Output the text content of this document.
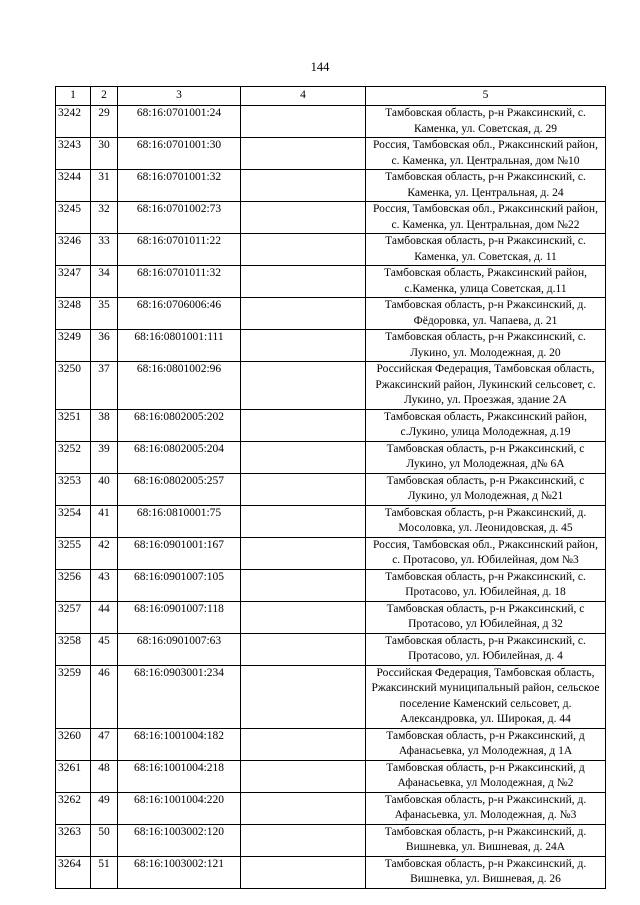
144
1	2	3	4	5
3242	29	68:16:0701001:24		Тамбовская область, р-н Ржаксинский, с. Каменка, ул. Советская, д. 29
3243	30	68:16:0701001:30		Россия, Тамбовская обл., Ржаксинский район, с. Каменка, ул. Центральная, дом №10
3244	31	68:16:0701001:32		Тамбовская область, р-н Ржаксинский, с. Каменка, ул. Центральная, д. 24
3245	32	68:16:0701002:73		Россия, Тамбовская обл., Ржаксинский район, с. Каменка, ул. Центральная, дом №22
3246	33	68:16:0701011:22		Тамбовская область, р-н Ржаксинский, с. Каменка, ул. Советская, д. 11
3247	34	68:16:0701011:32		Тамбовская область, Ржаксинский район, с.Каменка, улица Советская, д.11
3248	35	68:16:0706006:46		Тамбовская область, р-н Ржаксинский, д. Фёдоровка, ул. Чапаева, д. 21
3249	36	68:16:0801001:111		Тамбовская область, р-н Ржаксинский, с. Лукино, ул. Молодежная, д. 20
3250	37	68:16:0801002:96		Российская Федерация, Тамбовская область, Ржаксинский район, Лукинский сельсовет, с. Лукино, ул. Проезжая, здание 2А
3251	38	68:16:0802005:202		Тамбовская область, Ржаксинский район, с.Лукино, улица Молодежная, д.19
3252	39	68:16:0802005:204		Тамбовская область, р-н Ржаксинский, с Лукино, ул Молодежная, д№ 6А
3253	40	68:16:0802005:257		Тамбовская область, р-н Ржаксинский, с Лукино, ул Молодежная, д №21
3254	41	68:16:0810001:75		Тамбовская область, р-н Ржаксинский, д. Мосоловка, ул. Леонидовская, д. 45
3255	42	68:16:0901001:167		Россия, Тамбовская обл., Ржаксинский район, с. Протасово, ул. Юбилейная, дом №3
3256	43	68:16:0901007:105		Тамбовская область, р-н Ржаксинский, с. Протасово, ул. Юбилейная, д. 18
3257	44	68:16:0901007:118		Тамбовская область, р-н Ржаксинский, с Протасово, ул Юбилейная, д 32
3258	45	68:16:0901007:63		Тамбовская область, р-н Ржаксинский, с. Протасово, ул. Юбилейная, д. 4
3259	46	68:16:0903001:234		Российская Федерация, Тамбовская область, Ржаксинский муниципальный район, сельское поселение Каменский сельсовет, д. Александровка, ул. Широкая, д. 44
3260	47	68:16:1001004:182		Тамбовская область, р-н Ржаксинский, д Афанасьевка, ул Молодежная, д 1А
3261	48	68:16:1001004:218		Тамбовская область, р-н Ржаксинский, д Афанасьевка, ул Молодежная, д №2
3262	49	68:16:1001004:220		Тамбовская область, р-н Ржаксинский, д. Афанасьевка, ул. Молодежная, д. №3
3263	50	68:16:1003002:120		Тамбовская область, р-н Ржаксинский, д. Вишневка, ул. Вишневая, д. 24А
3264	51	68:16:1003002:121		Тамбовская область, р-н Ржаксинский, д. Вишневка, ул. Вишневая, д. 26
